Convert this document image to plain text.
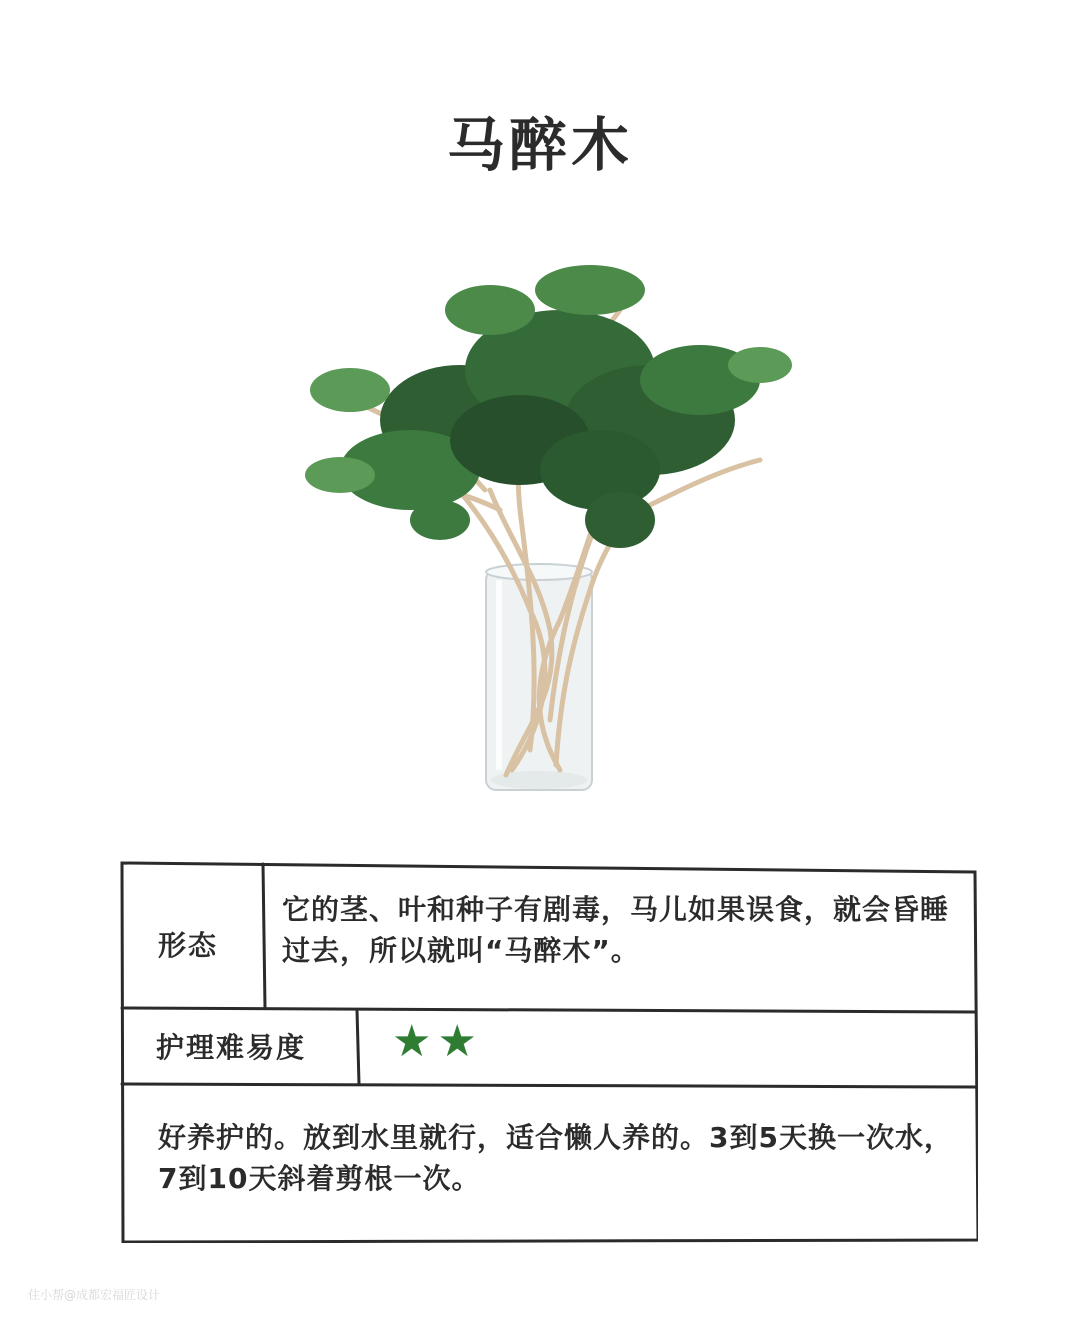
马醉木
形态
它的茎、叶和种子有剧毒，马儿如果误食，就会昏睡过去，所以就叫“马醉木”。
护理难易度 ★★
好养护的。放到水里就行，适合懒人养的。3到5天换一次水，7到10天斜着剪根一次。
住小帮@成都宏福匠设计
